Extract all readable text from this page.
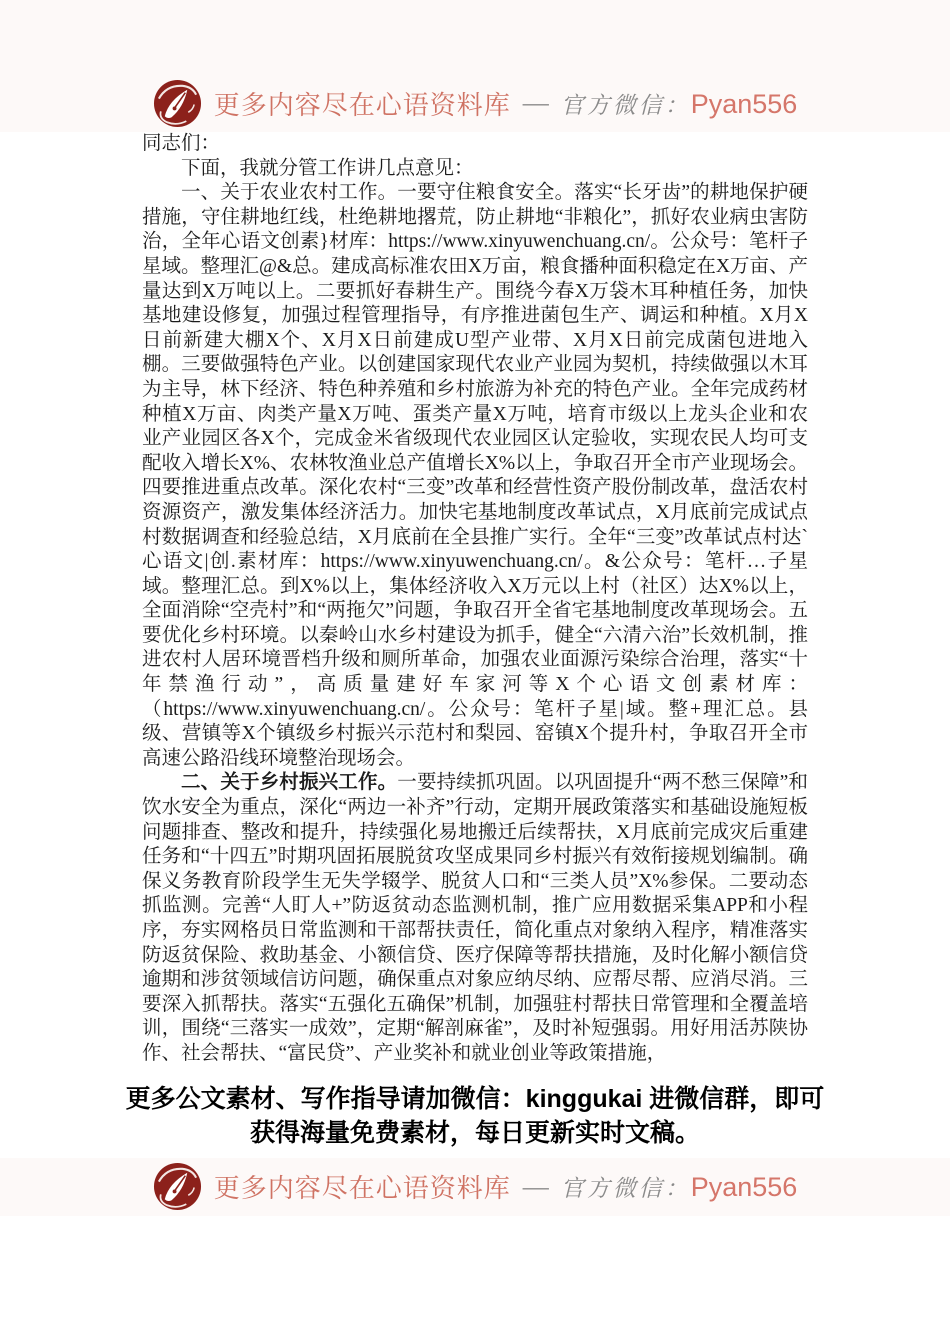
更多内容尽在心语资料库 — 官方微信：Pyan556

同志们：

下面，我就分管工作讲几点意见：

一、关于农业农村工作。一要守住粮食安全。落实“长牙齿”的耕地保护硬措施，守住耕地红线，杜绝耕地撂荒，防止耕地“非粮化”，抓好农业病虫害防治，全年心语文创素}材库：https://www.xinyuwenchuang.cn/。公众号：笔杆子星域。整理汇@&总。建成高标准农田X万亩，粮食播种面积稳定在X万亩、产量达到X万吨以上。二要抓好春耕生产。围绕今春X万袋木耳种植任务，加快基地建设修复，加强过程管理指导，有序推进菌包生产、调运和种植。X月X日前新建大棚X个、X月X日前建成U型产业带、X月X日前完成菌包进地入棚。三要做强特色产业。以创建国家现代农业产业园为契机，持续做强以木耳为主导，林下经济、特色种养殖和乡村旅游为补充的特色产业。全年完成药材种植X万亩、肉类产量X万吨、蛋类产量X万吨，培育市级以上龙头企业和农业产业园区各X个，完成金米省级现代农业园区认定验收，实现农民人均可支配收入增长X%、农林牧渔业总产值增长X%以上，争取召开全市产业现场会。四要推进重点改革。深化农村“三变”改革和经营性资产股份制改革，盘活农村资源资产，激发集体经济活力。加快宅基地制度改革试点，X月底前完成试点村数据调查和经验总结，X月底前在全县推广实行。全年“三变”改革试点村达`心语文|创.素材库：https://www.xinyuwenchuang.cn/。&公众号：笔杆…子星域。整理汇总。到X%以上，集体经济收入X万元以上村（社区）达X%以上，全面消除“空壳村”和“两拖欠”问题，争取召开全省宅基地制度改革现场会。五要优化乡村环境。以秦岭山水乡村建设为抓手，健全“六清六治”长效机制，推进农村人居环境晋档升级和厕所革命，加强农业面源污染综合治理，落实“十年禁渔行动”，高质量建好车家河等X个心语文创素材库：（https://www.xinyuwenchuang.cn/。公众号：笔杆子星|域。整+理汇总。县级、营镇等X个镇级乡村振兴示范村和梨园、窑镇X个提升村，争取召开全市高速公路沿线环境整治现场会。

二、关于乡村振兴工作。一要持续抓巩固。以巩固提升“两不愁三保障”和饮水安全为重点，深化“两边一补齐”行动，定期开展政策落实和基础设施短板问题排查、整改和提升，持续强化易地搬迁后续帮扶，X月底前完成灾后重建任务和“十四五”时期巩固拓展脱贫攻坚成果同乡村振兴有效衔接规划编制。确保义务教育阶段学生无失学辍学、脱贫人口和“三类人员”X%参保。二要动态抓监测。完善“人盯人+”防返贫动态监测机制，推广应用数据采集APP和小程序，夯实网格员日常监测和干部帮扶责任，简化重点对象纳入程序，精准落实防返贫保险、救助基金、小额信贷、医疗保障等帮扶措施，及时化解小额信贷逾期和涉贫领域信访问题，确保重点对象应纳尽纳、应帮尽帮、应消尽消。三要深入抓帮扶。落实“五强化五确保”机制，加强驻村帮扶日常管理和全覆盖培训，围绕“三落实一成效”，定期“解剖麻雀”，及时补短强弱。用好用活苏陕协作、社会帮扶、“富民贷”、产业奖补和就业创业等政策措施，

更多公文素材、写作指导请加微信：kinggukai 进微信群，即可
获得海量免费素材，每日更新实时文稿。
更多内容尽在心语资料库 — 官方微信：Pyan556
